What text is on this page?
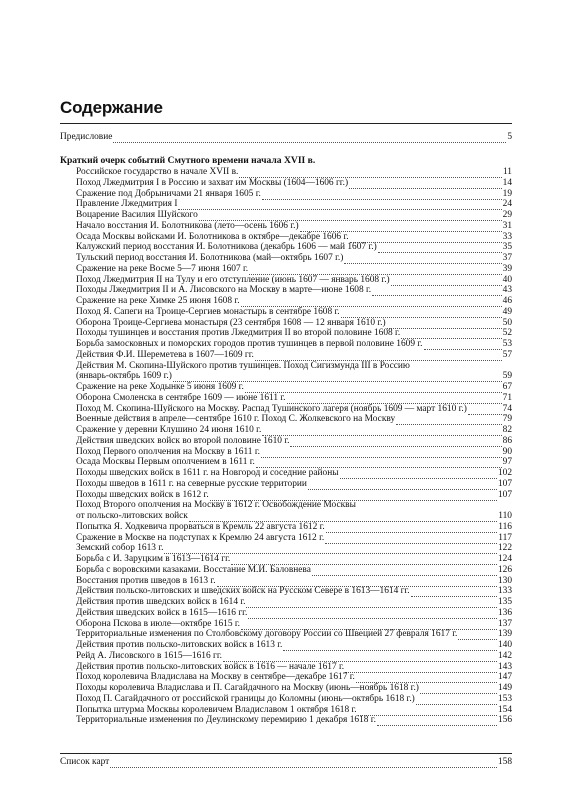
Содержание
Предисловие	5
Краткий очерк событий Смутного времени начала XVII в.
Российское государство в начале XVII в.	11
Поход Лжедмитрия I в Россию и захват им Москвы (1604—1606 гг.)	14
Сражение под Добрыничами 21 января 1605 г.	19
Правление Лжедмитрия I	24
Воцарение Василия Шуйского	29
Начало восстания И. Болотникова (лето—осень 1606 г.)	31
Осада Москвы войсками И. Болотникова в октябре—декабре 1606 г.	33
Калужский период восстания И. Болотникова (декабрь 1606 — май 1607 г.)	35
Тульский период восстания И. Болотникова (май—октябрь 1607 г.)	37
Сражение на реке Восме 5—7 июня 1607 г.	39
Поход Лжедмитрия II на Тулу и его отступление (июнь 1607 — январь 1608 г.)	40
Походы Лжедмитрия II и А. Лисовского на Москву в марте—июне 1608 г.	43
Сражение на реке Химке 25 июня 1608 г.	46
Поход Я. Сапеги на Троице-Сергиев монастырь в сентябре 1608 г.	49
Оборона Троице-Сергиева монастыря (23 сентября 1608 — 12 января 1610 г.)	50
Походы тушинцев и восстания против Лжедмитрия II во второй половине 1608 г.	52
Борьба замосковных и поморских городов против тушинцев в первой половине 1609 г.	53
Действия Ф.И. Шереметева в 1607—1609 гг.	57
Действия М. Скопина-Шуйского против тушинцев. Поход Сигизмунда III в Россию
(январь-октябрь 1609 г.)	59
Сражение на реке Ходынке 5 июня 1609 г.	67
Оборона Смоленска в сентябре 1609 — июне 1611 г.	71
Поход М. Скопина-Шуйского на Москву. Распад Тушинского лагеря (ноябрь 1609 — март 1610 г.)	74
Военные действия в апреле—сентябре 1610 г. Поход С. Жолкевского на Москву	79
Сражение у деревни Клушино 24 июня 1610 г.	82
Действия шведских войск во второй половине 1610 г.	86
Поход Первого ополчения на Москву в 1611 г.	90
Осада Москвы Первым ополчением в 1611 г.	97
Походы шведских войск в 1611 г. на Новгород и соседние районы	102
Походы шведов в 1611 г. на северные русские территории	107
Походы шведских войск в 1612 г.	107
Поход Второго ополчения на Москву в 1612 г. Освобождение Москвы
от польско-литовских войск	110
Попытка Я. Ходкевича прорваться в Кремль 22 августа 1612 г.	116
Сражение в Москве на подступах к Кремлю 24 августа 1612 г.	117
Земский собор 1613 г.	122
Борьба с И. Заруцким в 1613—1614 гг.	124
Борьба с воровскими казаками. Восстание М.И. Баловнева	126
Восстания против шведов в 1613 г.	130
Действия польско-литовских и шведских войск на Русском Севере в 1613—1614 гг.	133
Действия против шведских войск в 1614 г.	135
Действия шведских войск в 1615—1616 гг.	136
Оборона Пскова в июле—октябре 1615 г.	137
Территориальные изменения по Столбовскому договору России со Швецией 27 февраля 1617 г.	139
Действия против польско-литовских войск в 1613 г.	140
Рейд А. Лисовского в 1615—1616 гг.	142
Действия против польско-литовских войск в 1616 — начале 1617 г.	143
Поход королевича Владислава на Москву в сентябре—декабре 1617 г.	147
Походы королевича Владислава и П. Сагайдачного на Москву (июнь—ноябрь 1618 г.)	149
Поход П. Сагайдачного от российской границы до Коломны (июнь—октябрь 1618 г.)	153
Попытка штурма Москвы королевичем Владиславом 1 октября 1618 г.	154
Территориальные изменения по Деулинскому перемирию 1 декабря 1618 г.	156
Список карт	158
